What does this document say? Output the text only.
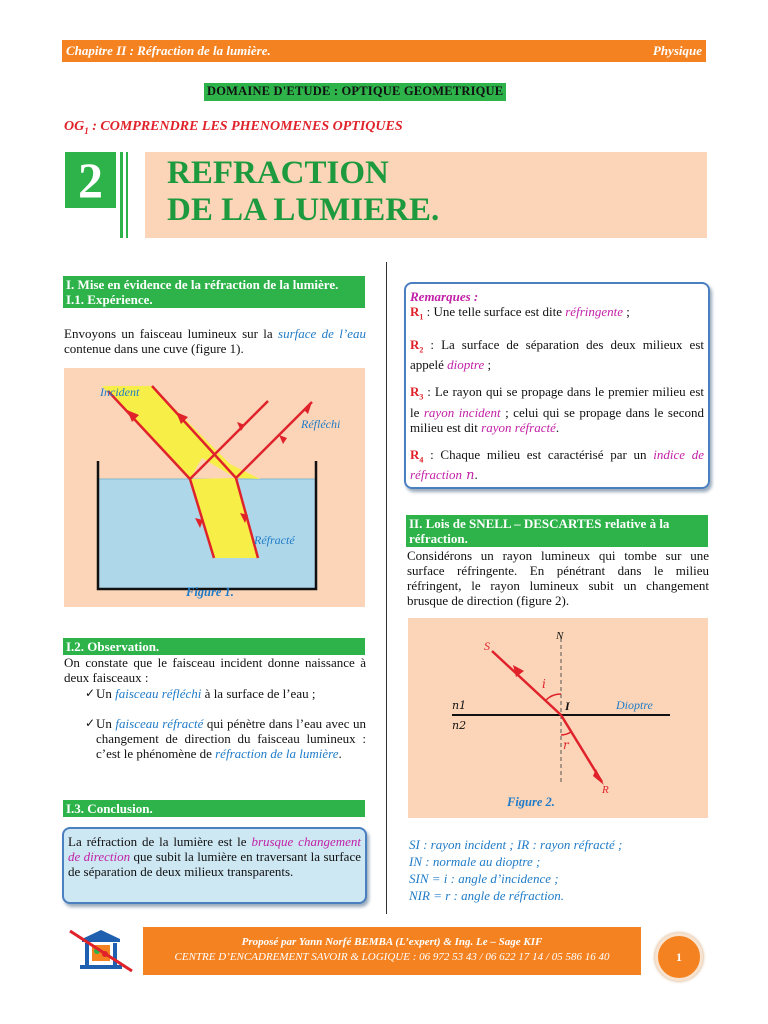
Chapitre II : Réfraction de la lumière.	Physique
DOMAINE D'ETUDE : OPTIQUE GEOMETRIQUE
$OG_1$ : COMPRENDRE LES PHENOMENES OPTIQUES
2	REFRACTION
DE LA LUMIERE.
I. Mise en évidence de la réfraction de la lumière.
I.1. Expérience.
Envoyons un faisceau lumineux sur la surface de l’eau contenue dans une cuve (figure 1).
Incident
Réfléchi
Réfracté
Figure 1.
I.2. Observation.
On constate que le faisceau incident donne naissance à deux faisceaux :
✓ Un faisceau réfléchi à la surface de l’eau ;
✓ Un faisceau réfracté qui pénètre dans l’eau avec un changement de direction du faisceau lumineux : c’est le phénomène de réfraction de la lumière.
I.3. Conclusion.
La réfraction de la lumière est le brusque changement de direction que subit la lumière en traversant la surface de séparation de deux milieux transparents.
Remarques :

$R_1$ : Une telle surface est dite réfringente ;

$R_2$ : La surface de séparation des deux milieux est appelé dioptre ;

$R_3$ : Le rayon qui se propage dans le premier milieu est le rayon incident ; celui qui se propage dans le second milieu est dit rayon réfracté.

$R_4$ : Chaque milieu est caractérisé par un indice de réfraction n.

II. Lois de SNELL – DESCARTES relative à la réfraction.
Considérons un rayon lumineux qui tombe sur une surface réfringente. En pénétrant dans le milieu réfringent, le rayon lumineux subit un changement brusque de direction (figure 2).
S
N
i
I
n1
n2
Dioptre
r
R
Figure 2.
SI : rayon incident ; IR : rayon réfracté ;
IN : normale au dioptre ;
SIN = i : angle d’incidence ;
NIR = r : angle de réfraction.
Proposé par Yann Norfé BEMBA (L’expert) & Ing. Le – Sage KIF
CENTRE D’ENCADREMENT SAVOIR & LOGIQUE : 06 972 53 43 / 06 622 17 14 / 05 586 16 40	1
